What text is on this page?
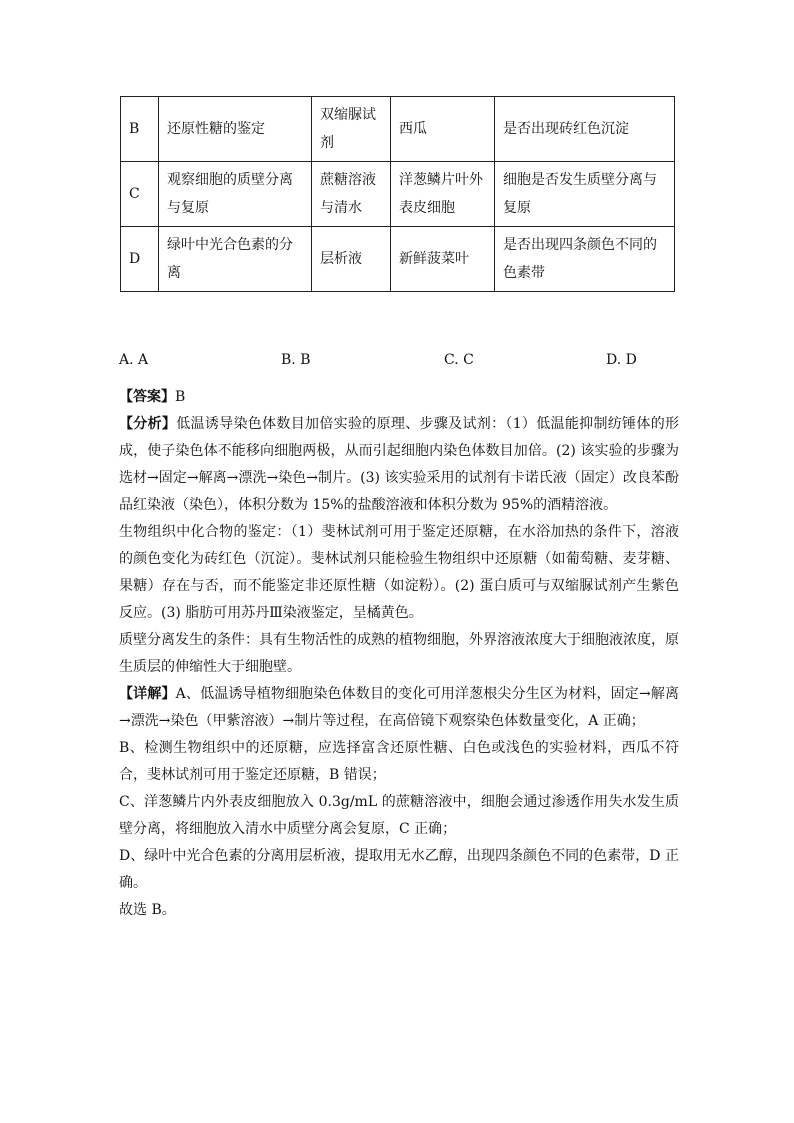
B	还原性糖的鉴定	双缩脲试剂	西瓜	是否出现砖红色沉淀
C	观察细胞的质壁分离与复原	蔗糖溶液与清水	洋葱鳞片叶外表皮细胞	细胞是否发生质壁分离与复原
D	绿叶中光合色素的分离	层析液	新鲜菠菜叶	是否出现四条颜色不同的色素带
A. A	B. B	C. C	D. D

【答案】B

【分析】低温诱导染色体数目加倍实验的原理、步骤及试剂：（1）低温能抑制纺锤体的形成，使子染色体不能移向细胞两极，从而引起细胞内染色体数目加倍。(2) 该实验的步骤为选材→固定→解离→漂洗→染色→制片。(3) 该实验采用的试剂有卡诺氏液（固定）改良苯酚品红染液（染色），体积分数为 15%的盐酸溶液和体积分数为 95%的酒精溶液。

生物组织中化合物的鉴定：（1）斐林试剂可用于鉴定还原糖，在水浴加热的条件下，溶液的颜色变化为砖红色（沉淀）。斐林试剂只能检验生物组织中还原糖（如葡萄糖、麦芽糖、果糖）存在与否，而不能鉴定非还原性糖（如淀粉）。(2) 蛋白质可与双缩脲试剂产生紫色反应。(3) 脂肪可用苏丹Ⅲ染液鉴定，呈橘黄色。

质壁分离发生的条件：具有生物活性的成熟的植物细胞，外界溶液浓度大于细胞液浓度，原生质层的伸缩性大于细胞壁。

【详解】A、低温诱导植物细胞染色体数目的变化可用洋葱根尖分生区为材料，固定→解离→漂洗→染色（甲紫溶液）→制片等过程，在高倍镜下观察染色体数量变化，A 正确；

B、检测生物组织中的还原糖，应选择富含还原性糖、白色或浅色的实验材料，西瓜不符合，斐林试剂可用于鉴定还原糖，B 错误；

C、洋葱鳞片内外表皮细胞放入 0.3g/mL 的蔗糖溶液中，细胞会通过渗透作用失水发生质壁分离，将细胞放入清水中质壁分离会复原，C 正确；

D、绿叶中光合色素的分离用层析液，提取用无水乙醇，出现四条颜色不同的色素带，D 正确。

故选 B。
